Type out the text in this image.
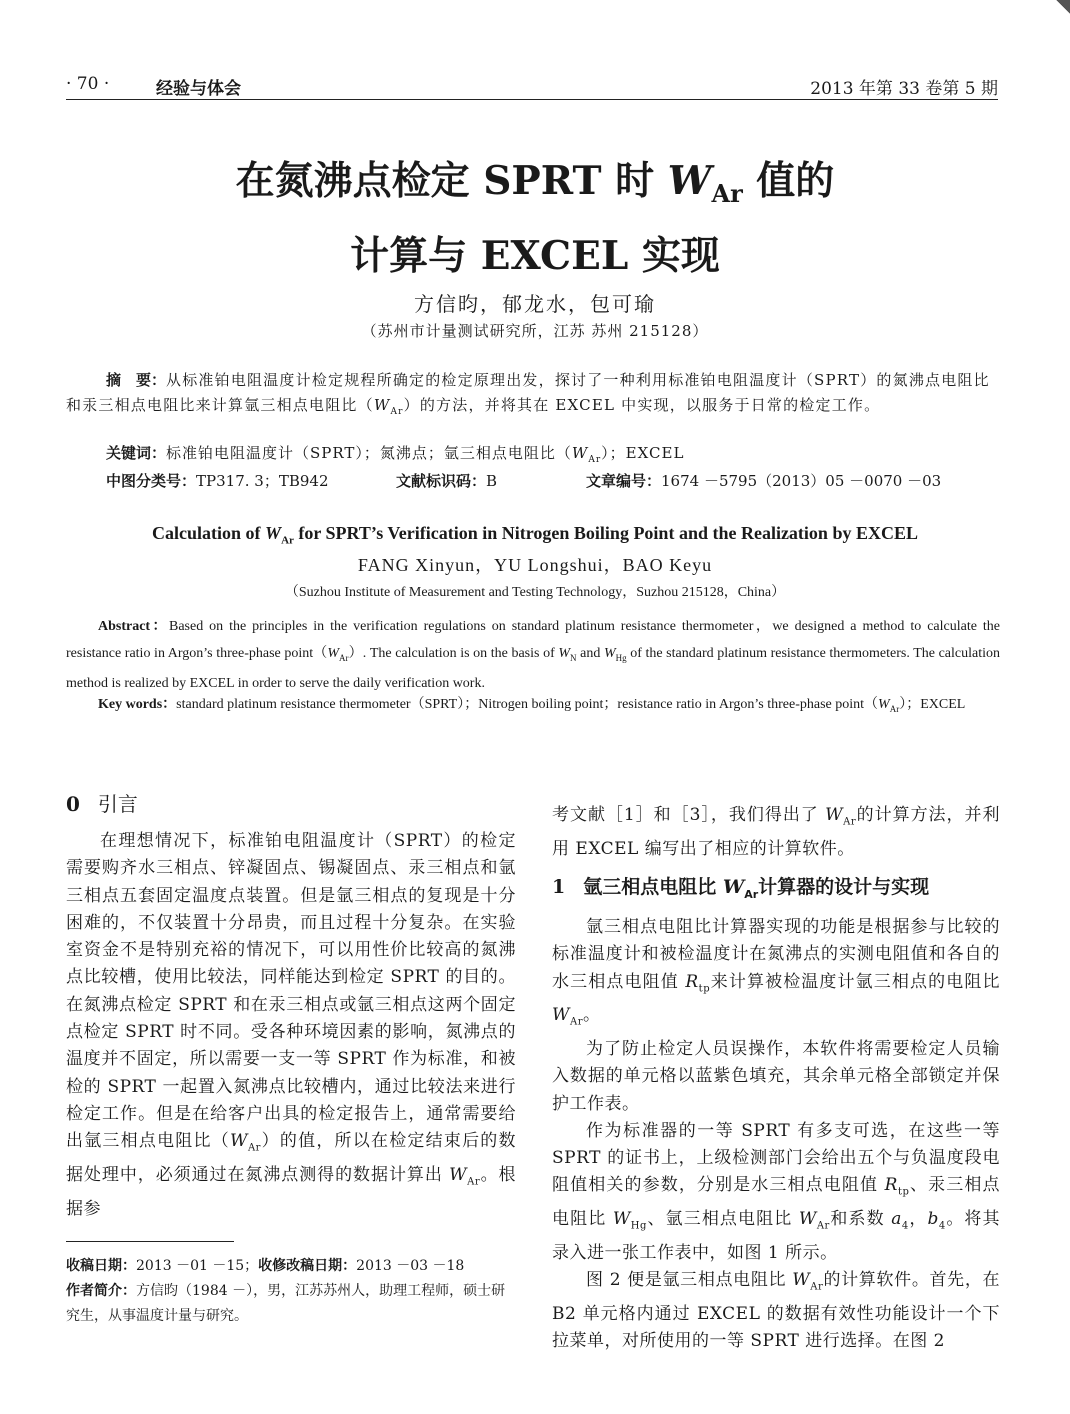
· 70 ·	经验与体会	2013 年第 33 卷第 5 期
在氮沸点检定 SPRT 时 $W_{Ar}$ 值的
计算与 EXCEL 实现
方信昀，郁龙水，包可瑜
（苏州市计量测试研究所，江苏 苏州 215128）

摘　要：从标准铂电阻温度计检定规程所确定的检定原理出发，探讨了一种利用标准铂电阻温度计（SPRT）的氮沸点电阻比和汞三相点电阻比来计算氩三相点电阻比$(W_{Ar})$的方法，并将其在 EXCEL 中实现，以服务于日常的检定工作。

关键词：标准铂电阻温度计（SPRT）；氮沸点；氩三相点电阻比$(W_{Ar})$；EXCEL
中图分类号：TP317. 3；TB942	文献标识码：B	文章编号：1674 －5795（2013）05 －0070 －03
Calculation of $W_{Ar}$ for SPRT’s Verification in Nitrogen Boiling Point and the Realization by EXCEL
FANG Xinyun，YU Longshui，BAO Keyu
（Suzhou Institute of Measurement and Testing Technology，Suzhou 215128，China）

Abstract：Based on the principles in the verification regulations on standard platinum resistance thermometer，we designed a method to calculate the resistance ratio in Argon’s three-phase $point(W_{Ar})$. The calculation is on the basis of $W_N$ and $W_{Hg}$ of the standard platinum resistance thermometers. The calculation method is realized by EXCEL in order to serve the daily verification work.

Key words：standard platinum resistance thermometer（SPRT）；Nitrogen boiling point；resistance ratio in Argon’s three-phase $point(W_{Ar})$；EXCEL

0 引言

在理想情况下，标准铂电阻温度计（SPRT）的检定需要购齐水三相点、锌凝固点、锡凝固点、汞三相点和氩三相点五套固定温度点装置。但是氩三相点的复现是十分困难的，不仅装置十分昂贵，而且过程十分复杂。在实验室资金不是特别充裕的情况下，可以用性价比较高的氮沸点比较槽，使用比较法，同样能达到检定 SPRT 的目的。在氮沸点检定 SPRT 和在汞三相点或氩三相点这两个固定点检定 SPRT 时不同。受各种环境因素的影响，氮沸点的温度并不固定，所以需要一支一等 SPRT 作为标准，和被检的 SPRT 一起置入氮沸点比较槽内，通过比较法来进行检定工作。但是在给客户出具的检定报告上，通常需要给出氩三相点电阻比$(W_{Ar})$的值，所以在检定结束后的数据处理中，必须通过在氮沸点测得的数据计算出 $W_{Ar}$。根据参

收稿日期：2013 －01 －15；收修改稿日期：2013 －03 －18

作者简介：方信昀（1984 －），男，江苏苏州人，助理工程师，硕士研究生，从事温度计量与研究。

考文献［1］和［3］，我们得出了 $W_{Ar}$的计算方法，并利用 EXCEL 编写出了相应的计算软件。

1 氩三相点电阻比 $W_{Ar}$计算器的设计与实现

氩三相点电阻比计算器实现的功能是根据参与比较的标准温度计和被检温度计在氮沸点的实测电阻值和各自的水三相点电阻值 $R_{tp}$来计算被检温度计氩三相点的电阻比 $W_{Ar}$。

为了防止检定人员误操作，本软件将需要检定人员输入数据的单元格以蓝紫色填充，其余单元格全部锁定并保护工作表。

作为标准器的一等 SPRT 有多支可选，在这些一等 SPRT 的证书上，上级检测部门会给出五个与负温度段电阻值相关的参数，分别是水三相点电阻值 $R_{tp}$、汞三相点电阻比 $W_{Hg}$、氩三相点电阻比 $W_{Ar}$和系数 $a_4$，$b_4$。将其录入进一张工作表中，如图 1 所示。

图 2 便是氩三相点电阻比 $W_{Ar}$的计算软件。首先，在 B2 单元格内通过 EXCEL 的数据有效性功能设计一个下拉菜单，对所使用的一等 SPRT 进行选择。在图 2
